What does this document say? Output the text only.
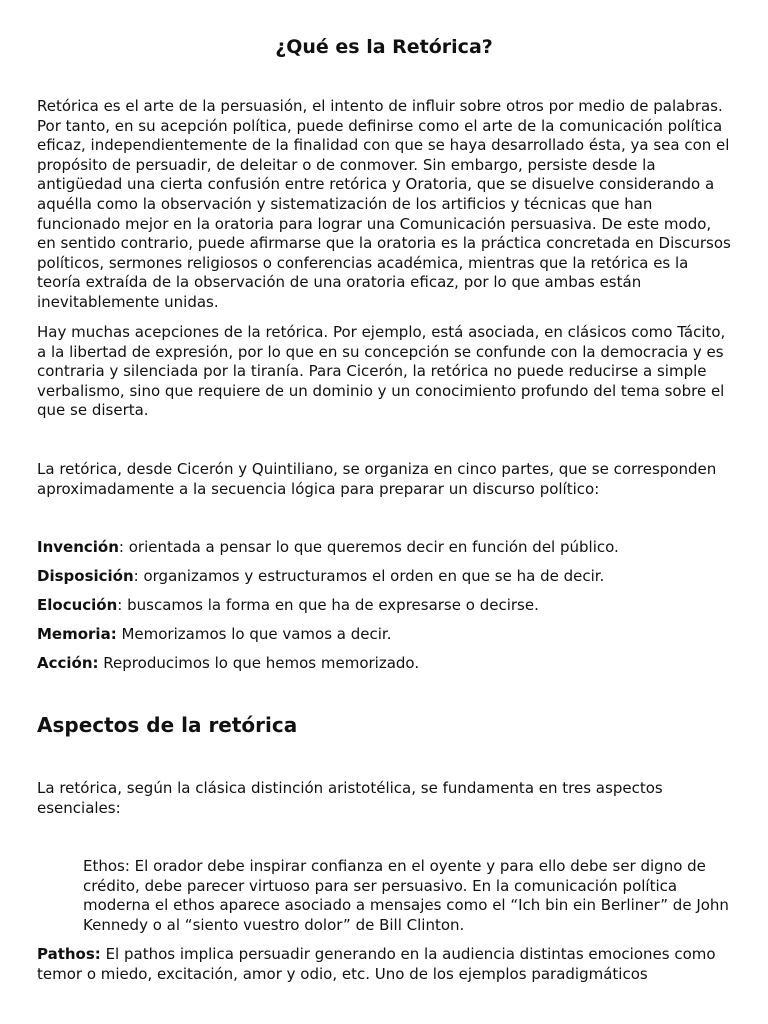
¿Qué es la Retórica?

Retórica es el arte de la persuasión, el intento de influir sobre otros por medio de palabras. Por tanto, en su acepción política, puede definirse como el arte de la comunicación política eficaz, independientemente de la finalidad con que se haya desarrollado ésta, ya sea con el propósito de persuadir, de deleitar o de conmover. Sin embargo, persiste desde la antigüedad una cierta confusión entre retórica y Oratoria, que se disuelve considerando a aquélla como la observación y sistematización de los artificios y técnicas que han funcionado mejor en la oratoria para lograr una Comunicación persuasiva. De este modo, en sentido contrario, puede afirmarse que la oratoria es la práctica concretada en Discursos políticos, sermones religiosos o conferencias académica, mientras que la retórica es la teoría extraída de la observación de una oratoria eficaz, por lo que ambas están inevitablemente unidas.

Hay muchas acepciones de la retórica. Por ejemplo, está asociada, en clásicos como Tácito, a la libertad de expresión, por lo que en su concepción se confunde con la democracia y es contraria y silenciada por la tiranía. Para Cicerón, la retórica no puede reducirse a simple verbalismo, sino que requiere de un dominio y un conocimiento profundo del tema sobre el que se diserta.

La retórica, desde Cicerón y Quintiliano, se organiza en cinco partes, que se corresponden aproximadamente a la secuencia lógica para preparar un discurso político:

Invención: orientada a pensar lo que queremos decir en función del público.

Disposición: organizamos y estructuramos el orden en que se ha de decir.

Elocución: buscamos la forma en que ha de expresarse o decirse.

Memoria: Memorizamos lo que vamos a decir.

Acción: Reproducimos lo que hemos memorizado.

Aspectos de la retórica

La retórica, según la clásica distinción aristotélica, se fundamenta en tres aspectos esenciales:

Ethos: El orador debe inspirar confianza en el oyente y para ello debe ser digno de crédito, debe parecer virtuoso para ser persuasivo. En la comunicación política moderna el ethos aparece asociado a mensajes como el “Ich bin ein Berliner” de John Kennedy o al “siento vuestro dolor” de Bill Clinton.

Pathos: El pathos implica persuadir generando en la audiencia distintas emociones como temor o miedo, excitación, amor y odio, etc. Uno de los ejemplos paradigmáticos
